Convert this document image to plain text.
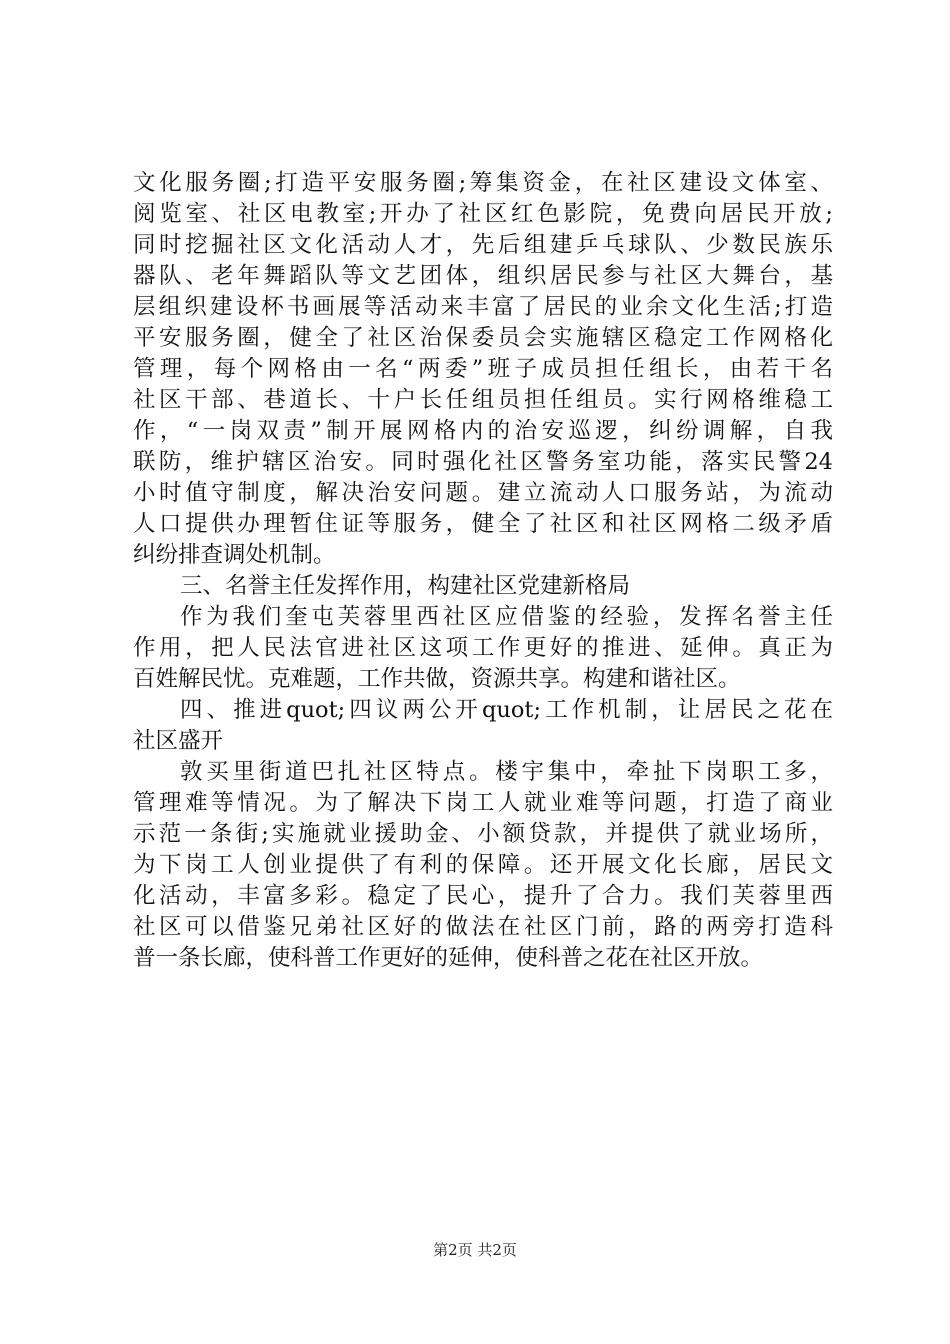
文化服务圈;打造平安服务圈;筹集资金，在社区建设文体室、
阅览室、社区电教室;开办了社区红色影院，免费向居民开放;
同时挖掘社区文化活动人才，先后组建乒乓球队、少数民族乐
器队、老年舞蹈队等文艺团体，组织居民参与社区大舞台，基
层组织建设杯书画展等活动来丰富了居民的业余文化生活;打造
平安服务圈，健全了社区治保委员会实施辖区稳定工作网格化
管理，每个网格由一名“两委”班子成员担任组长，由若干名
社区干部、巷道长、十户长任组员担任组员。实行网格维稳工
作，“一岗双责”制开展网格内的治安巡逻，纠纷调解，自我
联防，维护辖区治安。同时强化社区警务室功能，落实民警24
小时值守制度，解决治安问题。建立流动人口服务站，为流动
人口提供办理暂住证等服务，健全了社区和社区网格二级矛盾
纠纷排查调处机制。
三、名誉主任发挥作用，构建社区党建新格局
作为我们奎屯芙蓉里西社区应借鉴的经验，发挥名誉主任
作用，把人民法官进社区这项工作更好的推进、延伸。真正为
百姓解民忧。克难题，工作共做，资源共享。构建和谐社区。
四、推进quot;四议两公开quot;工作机制，让居民之花在
社区盛开
敦买里街道巴扎社区特点。楼宇集中，牵扯下岗职工多，
管理难等情况。为了解决下岗工人就业难等问题，打造了商业
示范一条街;实施就业援助金、小额贷款，并提供了就业场所，
为下岗工人创业提供了有利的保障。还开展文化长廊，居民文
化活动，丰富多彩。稳定了民心，提升了合力。我们芙蓉里西
社区可以借鉴兄弟社区好的做法在社区门前，路的两旁打造科
普一条长廊，使科普工作更好的延伸，使科普之花在社区开放。
第2页 共2页
